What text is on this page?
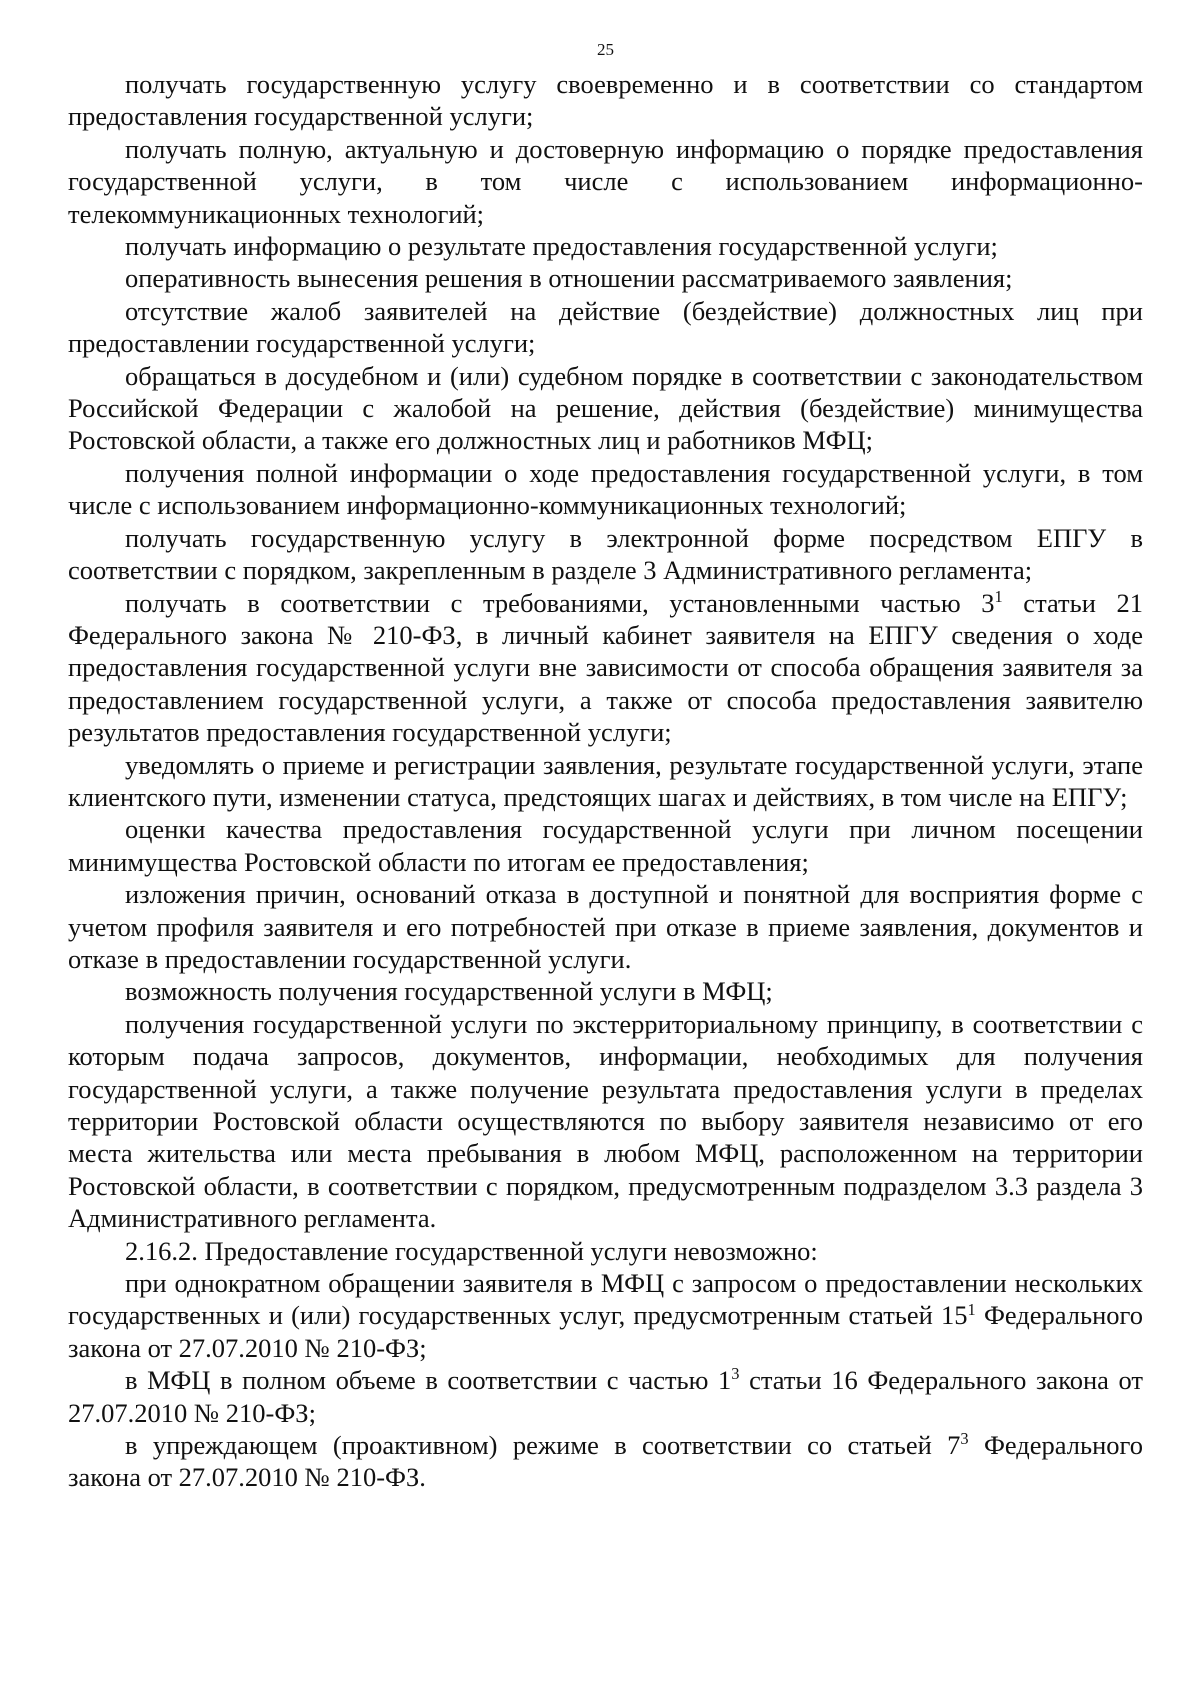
25

получать государственную услугу своевременно и в соответствии со стандартом предоставления государственной услуги;

получать полную, актуальную и достоверную информацию о порядке предоставления государственной услуги, в том числе с использованием информационно-телекоммуникационных технологий;

получать информацию о результате предоставления государственной услуги;

оперативность вынесения решения в отношении рассматриваемого заявления;

отсутствие жалоб заявителей на действие (бездействие) должностных лиц при предоставлении государственной услуги;

обращаться в досудебном и (или) судебном порядке в соответствии с законодательством Российской Федерации с жалобой на решение, действия (бездействие) минимущества Ростовской области, а также его должностных лиц и работников МФЦ;

получения полной информации о ходе предоставления государственной услуги, в том числе с использованием информационно-коммуникационных технологий;

получать государственную услугу в электронной форме посредством ЕПГУ в соответствии с порядком, закрепленным в разделе 3 Административного регламента;

получать в соответствии с требованиями, установленными частью $3^1$ статьи 21 Федерального закона № 210-ФЗ, в личный кабинет заявителя на ЕПГУ сведения о ходе предоставления государственной услуги вне зависимости от способа обращения заявителя за предоставлением государственной услуги, а также от способа предоставления заявителю результатов предоставления государственной услуги;

уведомлять о приеме и регистрации заявления, результате государственной услуги, этапе клиентского пути, изменении статуса, предстоящих шагах и действиях, в том числе на ЕПГУ;

оценки качества предоставления государственной услуги при личном посещении минимущества Ростовской области по итогам ее предоставления;

изложения причин, оснований отказа в доступной и понятной для восприятия форме с учетом профиля заявителя и его потребностей при отказе в приеме заявления, документов и отказе в предоставлении государственной услуги.

возможность получения государственной услуги в МФЦ;

получения государственной услуги по экстерриториальному принципу, в соответствии с которым подача запросов, документов, информации, необходимых для получения государственной услуги, а также получение результата предоставления услуги в пределах территории Ростовской области осуществляются по выбору заявителя независимо от его места жительства или места пребывания в любом МФЦ, расположенном на территории Ростовской области, в соответствии с порядком, предусмотренным подразделом 3.3 раздела 3 Административного регламента.

2.16.2. Предоставление государственной услуги невозможно:

при однократном обращении заявителя в МФЦ с запросом о предоставлении нескольких государственных и (или) государственных услуг, предусмотренным статьей $15^1$ Федерального закона от 27.07.2010 № 210-ФЗ;

в МФЦ в полном объеме в соответствии с частью $1^3$ статьи 16 Федерального закона от 27.07.2010 № 210-ФЗ;

в упреждающем (проактивном) режиме в соответствии со статьей $7^3$ Федерального закона от 27.07.2010 № 210-ФЗ.
